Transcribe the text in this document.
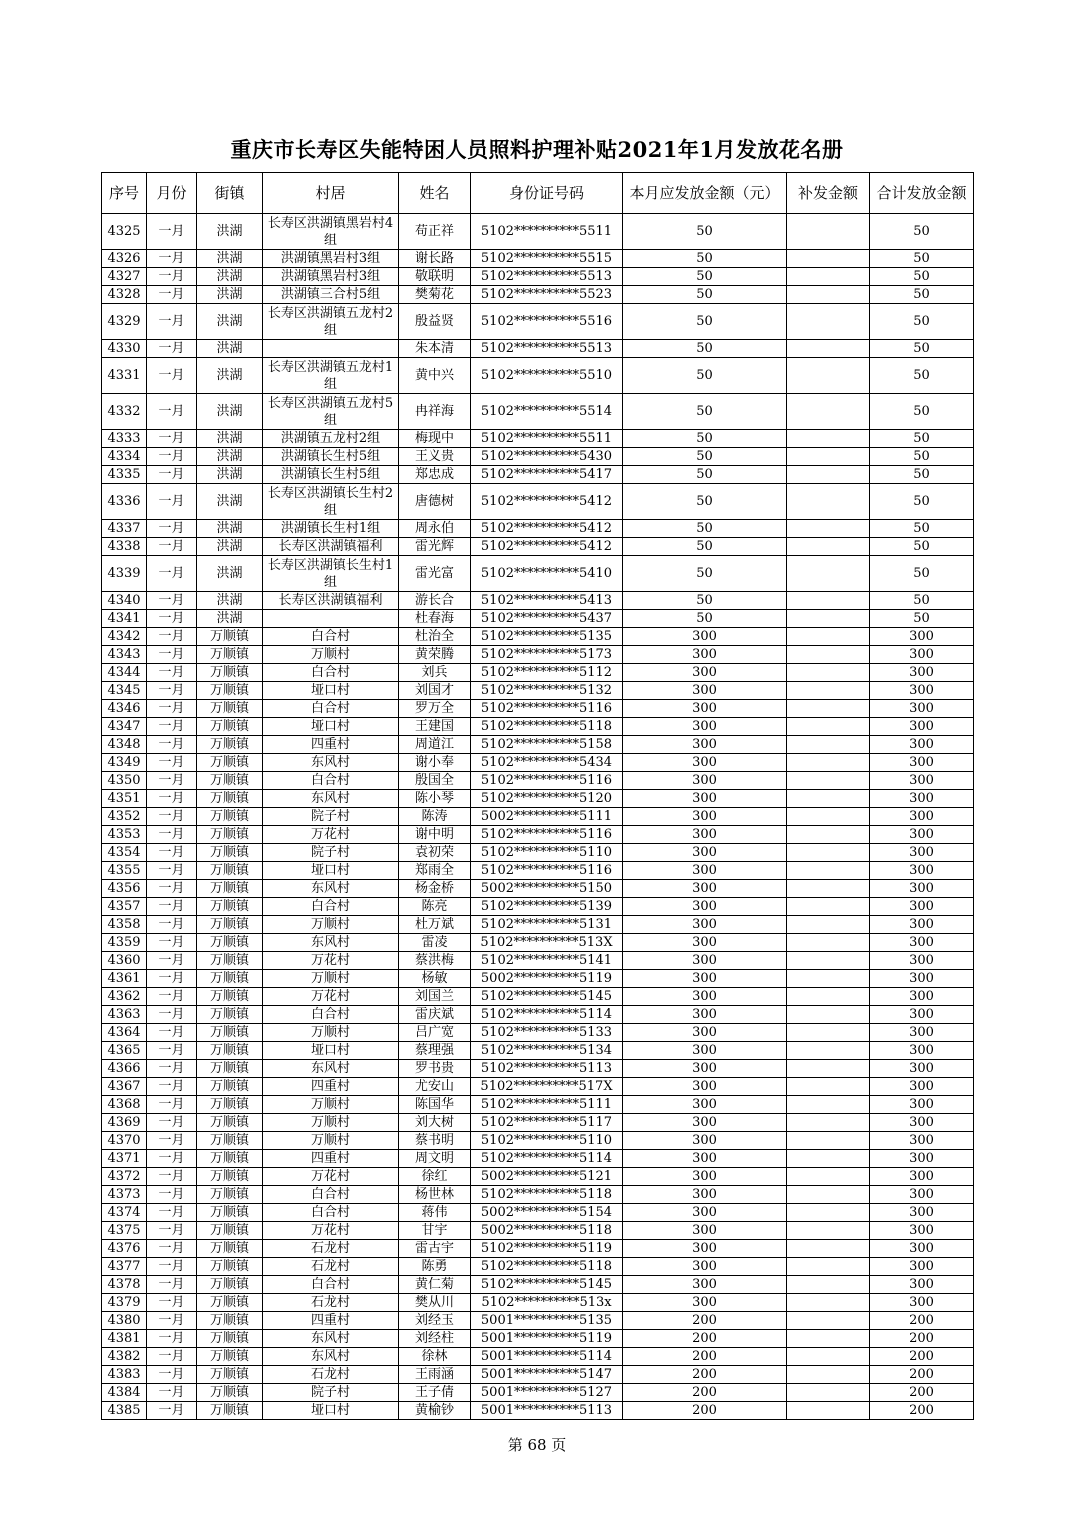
重庆市长寿区失能特困人员照料护理补贴2021年1月发放花名册
序号	月份	街镇	村居	姓名	身份证号码	本月应发放金额（元）	补发金额	合计发放金额
4325	一月	洪湖	长寿区洪湖镇黑岩村4组	苟正祥	5102**********5511	50		50
4326	一月	洪湖	洪湖镇黑岩村3组	谢长路	5102**********5515	50		50
4327	一月	洪湖	洪湖镇黑岩村3组	敬联明	5102**********5513	50		50
4328	一月	洪湖	洪湖镇三合村5组	樊菊花	5102**********5523	50		50
4329	一月	洪湖	长寿区洪湖镇五龙村2组	殷益贤	5102**********5516	50		50
4330	一月	洪湖		朱本清	5102**********5513	50		50
4331	一月	洪湖	长寿区洪湖镇五龙村1组	黄中兴	5102**********5510	50		50
4332	一月	洪湖	长寿区洪湖镇五龙村5组	冉祥海	5102**********5514	50		50
4333	一月	洪湖	洪湖镇五龙村2组	梅现中	5102**********5511	50		50
4334	一月	洪湖	洪湖镇长生村5组	王义贵	5102**********5430	50		50
4335	一月	洪湖	洪湖镇长生村5组	郑忠成	5102**********5417	50		50
4336	一月	洪湖	长寿区洪湖镇长生村2组	唐德树	5102**********5412	50		50
4337	一月	洪湖	洪湖镇长生村1组	周永伯	5102**********5412	50		50
4338	一月	洪湖	长寿区洪湖镇福利	雷光辉	5102**********5412	50		50
4339	一月	洪湖	长寿区洪湖镇长生村1组	雷光富	5102**********5410	50		50
4340	一月	洪湖	长寿区洪湖镇福利	游长合	5102**********5413	50		50
4341	一月	洪湖		杜春海	5102**********5437	50		50
4342	一月	万顺镇	白合村	杜治全	5102**********5135	300		300
4343	一月	万顺镇	万顺村	黄荣腾	5102**********5173	300		300
4344	一月	万顺镇	白合村	刘兵	5102**********5112	300		300
4345	一月	万顺镇	垭口村	刘国才	5102**********5132	300		300
4346	一月	万顺镇	白合村	罗万全	5102**********5116	300		300
4347	一月	万顺镇	垭口村	王建国	5102**********5118	300		300
4348	一月	万顺镇	四重村	周道江	5102**********5158	300		300
4349	一月	万顺镇	东风村	谢小奉	5102**********5434	300		300
4350	一月	万顺镇	白合村	殷国全	5102**********5116	300		300
4351	一月	万顺镇	东风村	陈小琴	5102**********5120	300		300
4352	一月	万顺镇	院子村	陈涛	5002**********5111	300		300
4353	一月	万顺镇	万花村	谢中明	5102**********5116	300		300
4354	一月	万顺镇	院子村	袁初荣	5102**********5110	300		300
4355	一月	万顺镇	垭口村	郑雨全	5102**********5116	300		300
4356	一月	万顺镇	东风村	杨金桥	5002**********5150	300		300
4357	一月	万顺镇	白合村	陈亮	5102**********5139	300		300
4358	一月	万顺镇	万顺村	杜万斌	5102**********5131	300		300
4359	一月	万顺镇	东风村	雷凌	5102**********513X	300		300
4360	一月	万顺镇	万花村	蔡洪梅	5102**********5141	300		300
4361	一月	万顺镇	万顺村	杨敏	5002**********5119	300		300
4362	一月	万顺镇	万花村	刘国兰	5102**********5145	300		300
4363	一月	万顺镇	白合村	雷庆斌	5102**********5114	300		300
4364	一月	万顺镇	万顺村	吕广宽	5102**********5133	300		300
4365	一月	万顺镇	垭口村	蔡理强	5102**********5134	300		300
4366	一月	万顺镇	东风村	罗书贵	5102**********5113	300		300
4367	一月	万顺镇	四重村	尤安山	5102**********517X	300		300
4368	一月	万顺镇	万顺村	陈国华	5102**********5111	300		300
4369	一月	万顺镇	万顺村	刘大树	5102**********5117	300		300
4370	一月	万顺镇	万顺村	蔡书明	5102**********5110	300		300
4371	一月	万顺镇	四重村	周文明	5102**********5114	300		300
4372	一月	万顺镇	万花村	徐红	5002**********5121	300		300
4373	一月	万顺镇	白合村	杨世林	5102**********5118	300		300
4374	一月	万顺镇	白合村	蒋伟	5002**********5154	300		300
4375	一月	万顺镇	万花村	甘宇	5002**********5118	300		300
4376	一月	万顺镇	石龙村	雷古宇	5102**********5119	300		300
4377	一月	万顺镇	石龙村	陈勇	5102**********5118	300		300
4378	一月	万顺镇	白合村	黄仁菊	5102**********5145	300		300
4379	一月	万顺镇	石龙村	樊从川	5102**********513x	300		300
4380	一月	万顺镇	四重村	刘经玉	5001**********5135	200		200
4381	一月	万顺镇	东风村	刘经柱	5001**********5119	200		200
4382	一月	万顺镇	东风村	徐林	5001**********5114	200		200
4383	一月	万顺镇	石龙村	王雨涵	5001**********5147	200		200
4384	一月	万顺镇	院子村	王子倩	5001**********5127	200		200
4385	一月	万顺镇	垭口村	黄榆钞	5001**********5113	200		200
第 68 页
